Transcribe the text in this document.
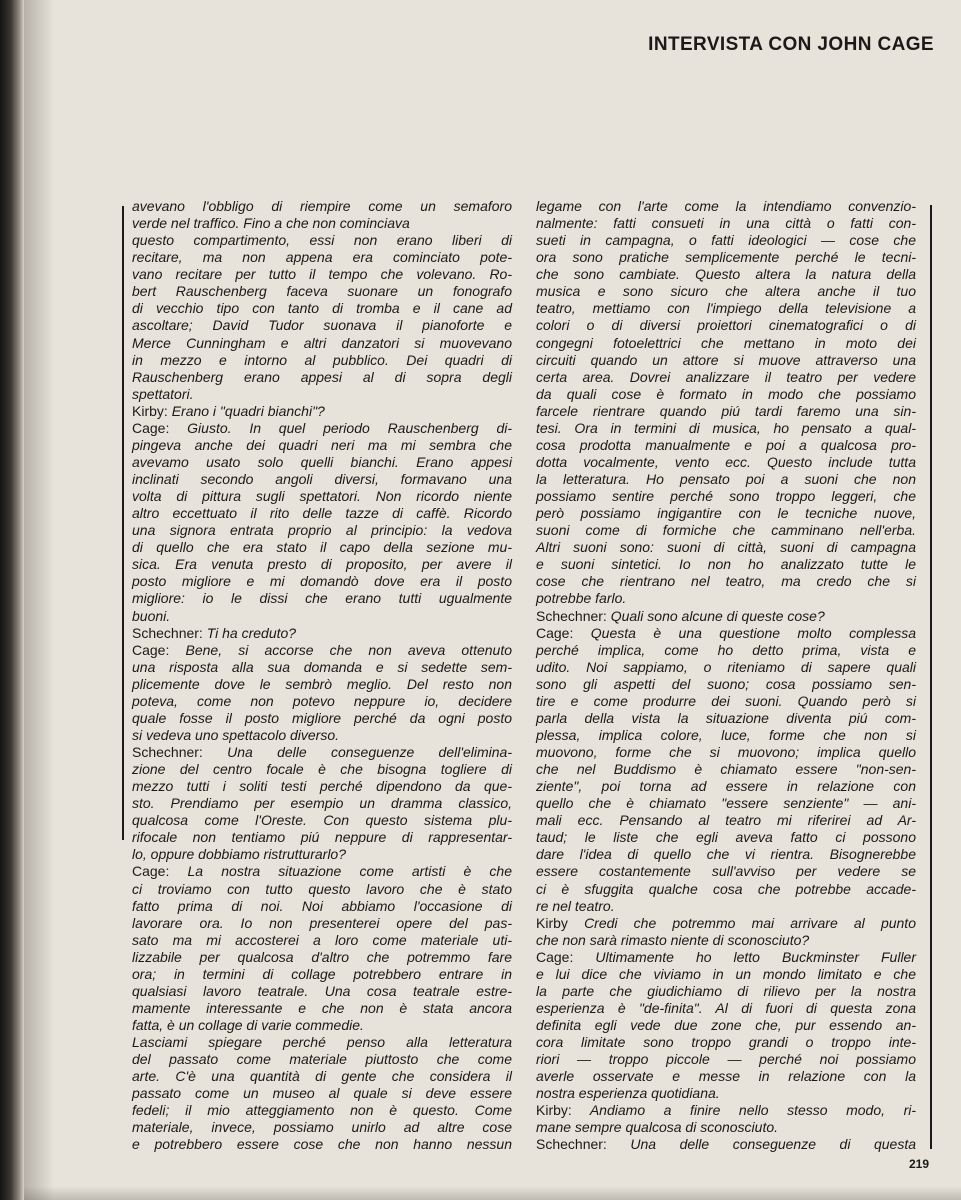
INTERVISTA CON JOHN CAGE
avevano l'obbligo di riempire come un semaforo
verde nel traffico. Fino a che non cominciava
questo compartimento, essi non erano liberi di
recitare, ma non appena era cominciato pote-
vano recitare per tutto il tempo che volevano. Ro-
bert Rauschenberg faceva suonare un fonografo
di vecchio tipo con tanto di tromba e il cane ad
ascoltare; David Tudor suonava il pianoforte e
Merce Cunningham e altri danzatori si muovevano
in mezzo e intorno al pubblico. Dei quadri di
Rauschenberg erano appesi al di sopra degli
spettatori.
Kirby: Erano i "quadri bianchi"?
Cage: Giusto. In quel periodo Rauschenberg di-
pingeva anche dei quadri neri ma mi sembra che
avevamo usato solo quelli bianchi. Erano appesi
inclinati secondo angoli diversi, formavano una
volta di pittura sugli spettatori. Non ricordo niente
altro eccettuato il rito delle tazze di caffè. Ricordo
una signora entrata proprio al principio: la vedova
di quello che era stato il capo della sezione mu-
sica. Era venuta presto di proposito, per avere il
posto migliore e mi domandò dove era il posto
migliore: io le dissi che erano tutti ugualmente
buoni.
Schechner: Ti ha creduto?
Cage: Bene, si accorse che non aveva ottenuto
una risposta alla sua domanda e si sedette sem-
plicemente dove le sembrò meglio. Del resto non
poteva, come non potevo neppure io, decidere
quale fosse il posto migliore perché da ogni posto
si vedeva uno spettacolo diverso.
Schechner: Una delle conseguenze dell'elimina-
zione del centro focale è che bisogna togliere di
mezzo tutti i soliti testi perché dipendono da que-
sto. Prendiamo per esempio un dramma classico,
qualcosa come l'Oreste. Con questo sistema plu-
rifocale non tentiamo piú neppure di rappresentar-
lo, oppure dobbiamo ristrutturarlo?
Cage: La nostra situazione come artisti è che
ci troviamo con tutto questo lavoro che è stato
fatto prima di noi. Noi abbiamo l'occasione di
lavorare ora. Io non presenterei opere del pas-
sato ma mi accosterei a loro come materiale uti-
lizzabile per qualcosa d'altro che potremmo fare
ora; in termini di collage potrebbero entrare in
qualsiasi lavoro teatrale. Una cosa teatrale estre-
mamente interessante e che non è stata ancora
fatta, è un collage di varie commedie.
Lasciami spiegare perché penso alla letteratura
del passato come materiale piuttosto che come
arte. C'è una quantità di gente che considera il
passato come un museo al quale si deve essere
fedeli; il mio atteggiamento non è questo. Come
materiale, invece, possiamo unirlo ad altre cose
e potrebbero essere cose che non hanno nessun
legame con l'arte come la intendiamo convenzio-
nalmente: fatti consueti in una città o fatti con-
sueti in campagna, o fatti ideologici — cose che
ora sono pratiche semplicemente perché le tecni-
che sono cambiate. Questo altera la natura della
musica e sono sicuro che altera anche il tuo
teatro, mettiamo con l'impiego della televisione a
colori o di diversi proiettori cinematografici o di
congegni fotoelettrici che mettano in moto dei
circuiti quando un attore si muove attraverso una
certa area. Dovrei analizzare il teatro per vedere
da quali cose è formato in modo che possiamo
farcele rientrare quando piú tardi faremo una sin-
tesi. Ora in termini di musica, ho pensato a qual-
cosa prodotta manualmente e poi a qualcosa pro-
dotta vocalmente, vento ecc. Questo include tutta
la letteratura. Ho pensato poi a suoni che non
possiamo sentire perché sono troppo leggeri, che
però possiamo ingigantire con le tecniche nuove,
suoni come di formiche che camminano nell'erba.
Altri suoni sono: suoni di città, suoni di campagna
e suoni sintetici. Io non ho analizzato tutte le
cose che rientrano nel teatro, ma credo che si
potrebbe farlo.
Schechner: Quali sono alcune di queste cose?
Cage: Questa è una questione molto complessa
perché implica, come ho detto prima, vista e
udito. Noi sappiamo, o riteniamo di sapere quali
sono gli aspetti del suono; cosa possiamo sen-
tire e come produrre dei suoni. Quando però si
parla della vista la situazione diventa piú com-
plessa, implica colore, luce, forme che non si
muovono, forme che si muovono; implica quello
che nel Buddismo è chiamato essere "non-sen-
ziente", poi torna ad essere in relazione con
quello che è chiamato "essere senziente" — ani-
mali ecc. Pensando al teatro mi riferirei ad Ar-
taud; le liste che egli aveva fatto ci possono
dare l'idea di quello che vi rientra. Bisognerebbe
essere costantemente sull'avviso per vedere se
ci è sfuggita qualche cosa che potrebbe accade-
re nel teatro.
Kirby Credi che potremmo mai arrivare al punto
che non sarà rimasto niente di sconosciuto?
Cage: Ultimamente ho letto Buckminster Fuller
e lui dice che viviamo in un mondo limitato e che
la parte che giudichiamo di rilievo per la nostra
esperienza è "de-finita". Al di fuori di questa zona
definita egli vede due zone che, pur essendo an-
cora limitate sono troppo grandi o troppo inte-
riori — troppo piccole — perché noi possiamo
averle osservate e messe in relazione con la
nostra esperienza quotidiana.
Kirby: Andiamo a finire nello stesso modo, ri-
mane sempre qualcosa di sconosciuto.
Schechner: Una delle conseguenze di questa
219
